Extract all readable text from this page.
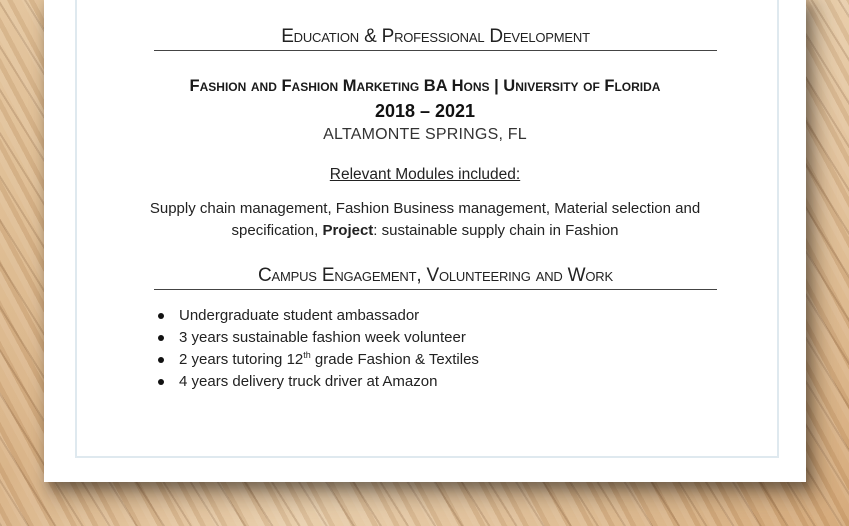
Education & Professional Development
Fashion and Fashion Marketing BA Hons | University of Florida
2018 – 2021
ALTAMONTE SPRINGS, FL
Relevant Modules included:
Supply chain management, Fashion Business management, Material selection and specification, Project: sustainable supply chain in Fashion
Campus Engagement, Volunteering and Work
Undergraduate student ambassador
3 years sustainable fashion week volunteer
2 years tutoring 12th grade Fashion & Textiles
4 years delivery truck driver at Amazon
